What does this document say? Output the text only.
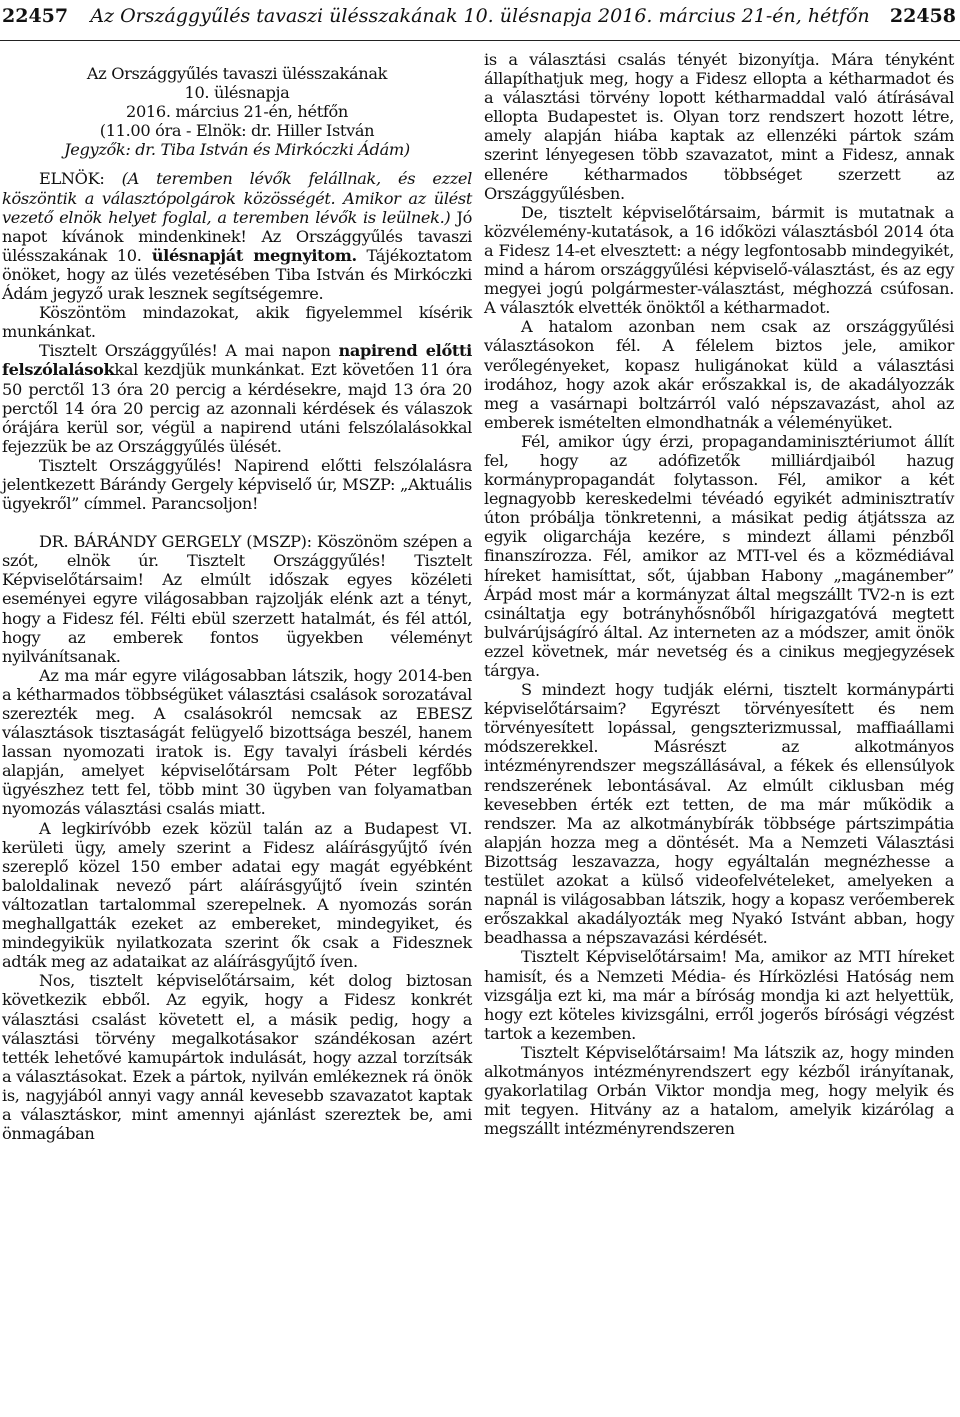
22457 Az Országgyűlés tavaszi ülésszakának 10. ülésnapja 2016. március 21-én, hétfőn 22458
Az Országgyűlés tavaszi ülésszakának
10. ülésnapja
2016. március 21-én, hétfőn
(11.00 óra - Elnök: dr. Hiller István
Jegyzők: dr. Tiba István és Mirkóczki Ádám)

ELNÖK: (A teremben lévők felállnak, és ezzel köszöntik a választópolgárok közösségét. Amikor az ülést vezető elnök helyet foglal, a teremben lévők is leülnek.) Jó napot kívánok mindenkinek! Az Országgyűlés tavaszi ülésszakának 10. ülésnapját megnyitom. Tájékoztatom önöket, hogy az ülés vezetésében Tiba István és Mirkóczki Ádám jegyző urak lesznek segítségemre.

Köszöntöm mindazokat, akik figyelemmel kísérik munkánkat.

Tisztelt Országgyűlés! A mai napon napirend előtti felszólalásokkal kezdjük munkánkat. Ezt követően 11 óra 50 perctől 13 óra 20 percig a kérdésekre, majd 13 óra 20 perctől 14 óra 20 percig az azonnali kérdések és válaszok órájára kerül sor, végül a napirend utáni felszólalásokkal fejezzük be az Országgyűlés ülését.

Tisztelt Országgyűlés! Napirend előtti felszólalásra jelentkezett Bárándy Gergely képviselő úr, MSZP: „Aktuális ügyekről” címmel. Parancsoljon!

DR. BÁRÁNDY GERGELY (MSZP): Köszönöm szépen a szót, elnök úr. Tisztelt Országgyűlés! Tisztelt Képviselőtársaim! Az elmúlt időszak egyes közéleti eseményei egyre világosabban rajzolják elénk azt a tényt, hogy a Fidesz fél. Félti ebül szerzett hatalmát, és fél attól, hogy az emberek fontos ügyekben véleményt nyilvánítsanak.

Az ma már egyre világosabban látszik, hogy 2014-ben a kétharmados többségüket választási csalások sorozatával szerezték meg. A csalásokról nemcsak az EBESZ választások tisztaságát felügyelő bizottsága beszél, hanem lassan nyomozati iratok is. Egy tavalyi írásbeli kérdés alapján, amelyet képviselőtársam Polt Péter legfőbb ügyészhez tett fel, több mint 30 ügyben van folyamatban nyomozás választási csalás miatt.

A legkirívóbb ezek közül talán az a Budapest VI. kerületi ügy, amely szerint a Fidesz aláírásgyűjtő ívén szereplő közel 150 ember adatai egy magát egyébként baloldalinak nevező párt aláírásgyűjtő ívein szintén változatlan tartalommal szerepelnek. A nyomozás során meghallgatták ezeket az embereket, mindegyiket, és mindegyikük nyilatkozata szerint ők csak a Fidesznek adták meg az adataikat az aláírásgyűjtő íven.

Nos, tisztelt képviselőtársaim, két dolog biztosan következik ebből. Az egyik, hogy a Fidesz konkrét választási csalást követett el, a másik pedig, hogy a választási törvény megalkotásakor szándékosan azért tették lehetővé kamupártok indulását, hogy azzal torzítsák a választásokat. Ezek a pártok, nyilván emlékeznek rá önök is, nagyjából annyi vagy annál kevesebb szavazatot kaptak a választáskor, mint amennyi ajánlást szereztek be, ami önmagában

is a választási csalás tényét bizonyítja. Mára tényként állapíthatjuk meg, hogy a Fidesz ellopta a kétharmadot és a választási törvény lopott kétharmaddal való átírásával ellopta Budapestet is. Olyan torz rendszert hozott létre, amely alapján hiába kaptak az ellenzéki pártok szám szerint lényegesen több szavazatot, mint a Fidesz, annak ellenére kétharmados többséget szerzett az Országgyűlésben.

De, tisztelt képviselőtársaim, bármit is mutatnak a közvélemény-kutatások, a 16 időközi választásból 2014 óta a Fidesz 14-et elvesztett: a négy legfontosabb mindegyikét, mind a három országgyűlési képviselő-választást, és az egy megyei jogú polgármester-választást, méghozzá csúfosan. A választók elvették önöktől a kétharmadot.

A hatalom azonban nem csak az országgyűlési választásokon fél. A félelem biztos jele, amikor verőlegényeket, kopasz huligánokat küld a választási irodához, hogy azok akár erőszakkal is, de akadályozzák meg a vasárnapi boltzárról való népszavazást, ahol az emberek ismételten elmondhatnák a véleményüket.

Fél, amikor úgy érzi, propagandaminisztériumot állít fel, hogy az adófizetők milliárdjaiból hazug kormánypropagandát folytasson. Fél, amikor a két legnagyobb kereskedelmi tévéadó egyikét adminisztratív úton próbálja tönkretenni, a másikat pedig átjátssza az egyik oligarchája kezére, s mindezt állami pénzből finanszírozza. Fél, amikor az MTI-vel és a közmédiával híreket hamisíttat, sőt, újabban Habony „magánember” Árpád most már a kormányzat által megszállt TV2-n is ezt csináltatja egy botrányhősnőből hírigazgatóvá megtett bulvárújságíró által. Az interneten az a módszer, amit önök ezzel követnek, már nevetség és a cinikus megjegyzések tárgya.

S mindezt hogy tudják elérni, tisztelt kormánypárti képviselőtársaim? Egyrészt törvényesített és nem törvényesített lopással, gengszterizmussal, maffiaállami módszerekkel. Másrészt az alkotmányos intézményrendszer megszállásával, a fékek és ellensúlyok rendszerének lebontásával. Az elmúlt ciklusban még kevesebben érték ezt tetten, de ma már működik a rendszer. Ma az alkotmánybírák többsége pártszimpátia alapján hozza meg a döntését. Ma a Nemzeti Választási Bizottság leszavazza, hogy egyáltalán megnézhesse a testület azokat a külső videofelvételeket, amelyeken a napnál is világosabban látszik, hogy a kopasz verőemberek erőszakkal akadályozták meg Nyakó Istvánt abban, hogy beadhassa a népszavazási kérdését.

Tisztelt Képviselőtársaim! Ma, amikor az MTI híreket hamisít, és a Nemzeti Média- és Hírközlési Hatóság nem vizsgálja ezt ki, ma már a bíróság mondja ki azt helyettük, hogy ezt köteles kivizsgálni, erről jogerős bírósági végzést tartok a kezemben.

Tisztelt Képviselőtársaim! Ma látszik az, hogy minden alkotmányos intézményrendszert egy kézből irányítanak, gyakorlatilag Orbán Viktor mondja meg, hogy melyik és mit tegyen. Hitvány az a hatalom, amelyik kizárólag a megszállt intézményrendszeren
